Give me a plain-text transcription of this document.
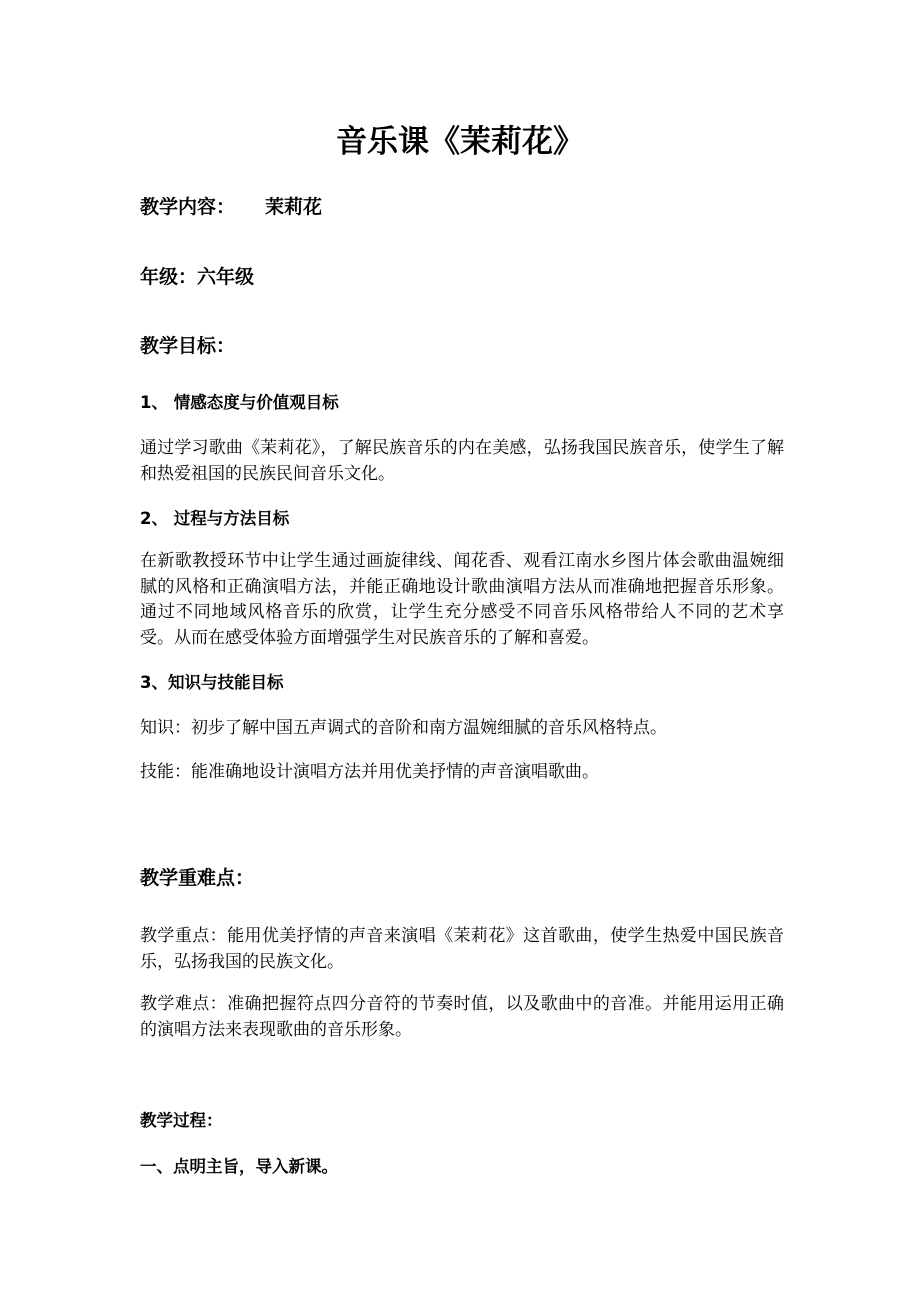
音乐课《茉莉花》
教学内容： 茉莉花
年级：六年级
教学目标：
1、 情感态度与价值观目标
通过学习歌曲《茉莉花》，了解民族音乐的内在美感，弘扬我国民族音乐，使学生了解和热爱祖国的民族民间音乐文化。
2、 过程与方法目标
在新歌教授环节中让学生通过画旋律线、闻花香、观看江南水乡图片体会歌曲温婉细腻的风格和正确演唱方法，并能正确地设计歌曲演唱方法从而准确地把握音乐形象。通过不同地域风格音乐的欣赏，让学生充分感受不同音乐风格带给人不同的艺术享受。从而在感受体验方面增强学生对民族音乐的了解和喜爱。
3、知识与技能目标
知识：初步了解中国五声调式的音阶和南方温婉细腻的音乐风格特点。
技能：能准确地设计演唱方法并用优美抒情的声音演唱歌曲。
教学重难点：
教学重点：能用优美抒情的声音来演唱《茉莉花》这首歌曲，使学生热爱中国民族音乐，弘扬我国的民族文化。
教学难点：准确把握符点四分音符的节奏时值，以及歌曲中的音准。并能用运用正确的演唱方法来表现歌曲的音乐形象。
教学过程：
一、点明主旨，导入新课。
